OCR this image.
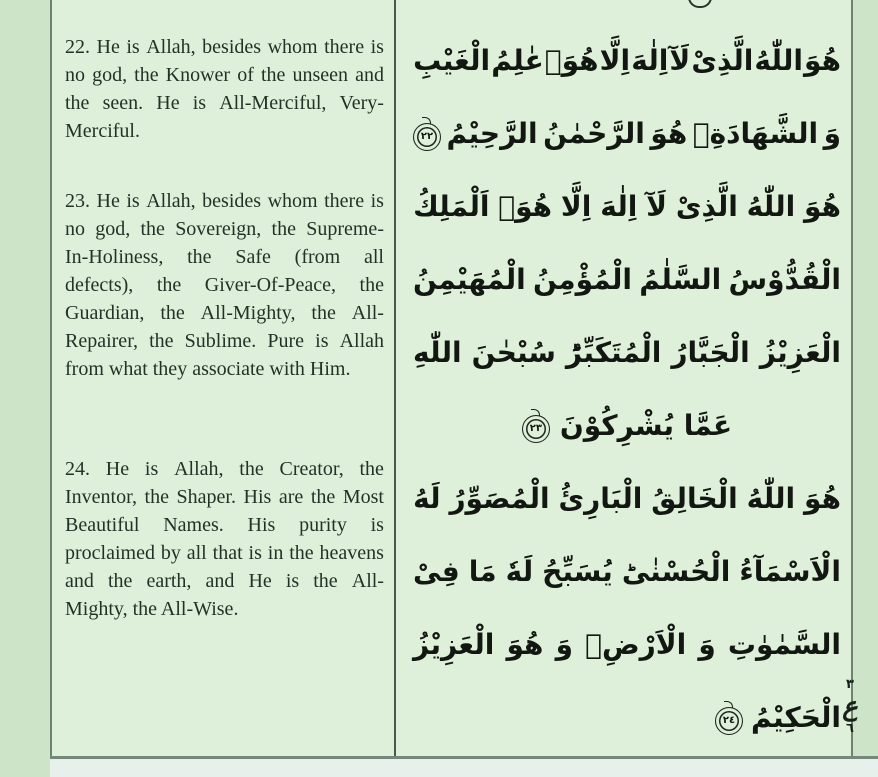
22. He is Allah, besides whom there is
no god, the Knower of the unseen and
the seen. He is All-Merciful, Very-
Merciful.
23. He is Allah, besides whom there is
no god, the Sovereign, the Supreme-
In-Holiness, the Safe (from all
defects), the Giver-Of-Peace, the
Guardian, the All-Mighty, the All-
Repairer, the Sublime. Pure is Allah
from what they associate with Him.
24. He is Allah, the Creator, the
Inventor, the Shaper. His are the Most
Beautiful Names. His purity is
proclaimed by all that is in the heavens
and the earth, and He is the All-
Mighty, the All-Wise.
هُوَ
اللّٰهُ
الَّذِىْ
لَآ
اِلٰهَ
اِلَّا
هُوَۚ
عٰلِمُ
الْغَيْبِ
وَ
الشَّهَادَةِۚ
هُوَ
الرَّحْمٰنُ
الرَّحِيْمُ
٢٢
هُوَ
اللّٰهُ
الَّذِىْ
لَآ
اِلٰهَ
اِلَّا
هُوَۚ
اَلْمَلِكُ
الْقُدُّوْسُ
السَّلٰمُ
الْمُؤْمِنُ
الْمُهَيْمِنُ
الْعَزِيْزُ
الْجَبَّارُ
الْمُتَكَبِّرُؕ
سُبْحٰنَ
اللّٰهِ
عَمَّا يُشْرِكُوْنَ
٢٣
هُوَ
اللّٰهُ
الْخَالِقُ
الْبَارِئُ
الْمُصَوِّرُ
لَهُ
الْاَسْمَآءُ
الْحُسْنٰىؕ
يُسَبِّحُ
لَهٗ
مَا
فِىْ
السَّمٰوٰتِ
وَ
الْاَرْضِۚ
وَ
هُوَ
الْعَزِيْزُ
الْحَكِيْمُ
٢٤
٣
ع
٦
